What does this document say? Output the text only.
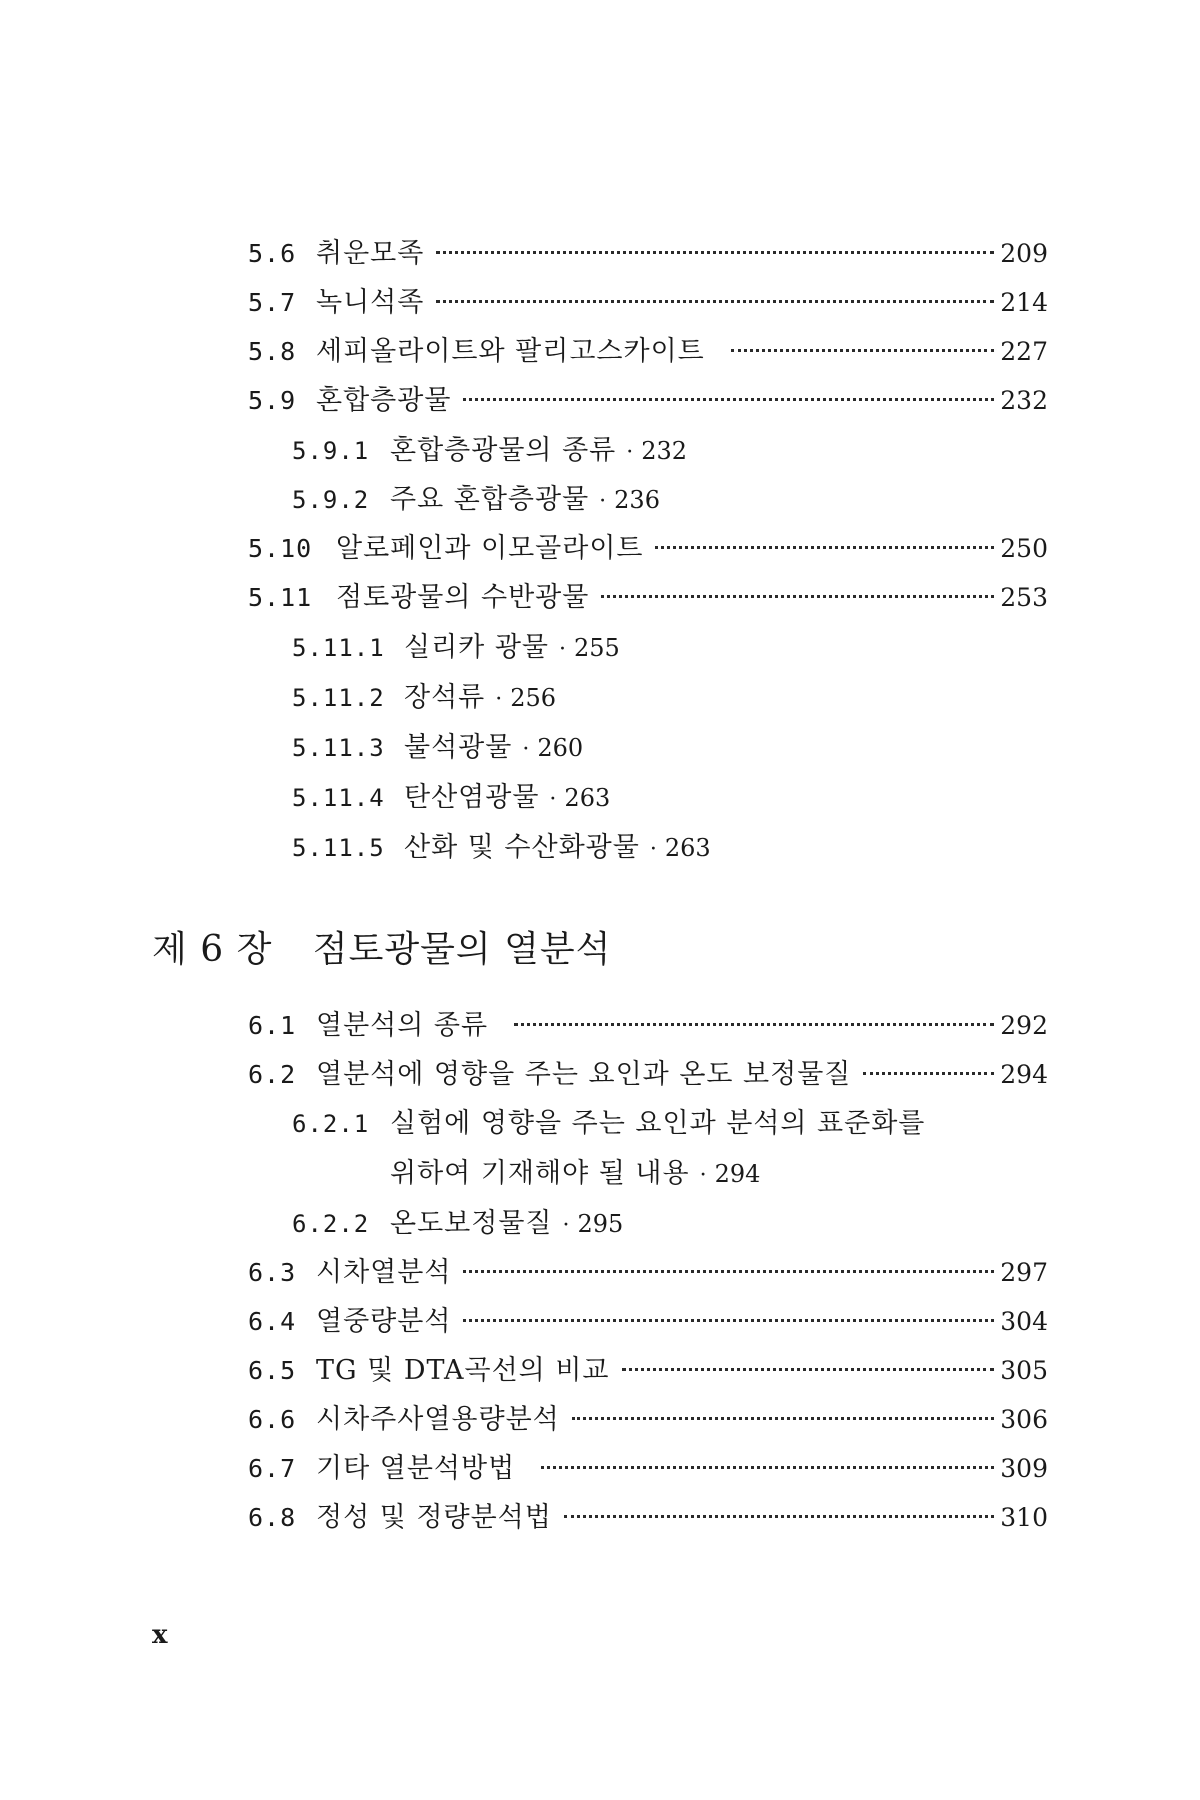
5.6 취운모족	209
5.7 녹니석족	214
5.8 세피올라이트와 팔리고스카이트	227
5.9 혼합층광물	232
5.9.1 혼합층광물의 종류 · 232
5.9.2 주요 혼합층광물 · 236
5.10 알로페인과 이모골라이트	250
5.11 점토광물의 수반광물	253
5.11.1 실리카 광물 · 255
5.11.2 장석류 · 256
5.11.3 불석광물 · 260
5.11.4 탄산염광물 · 263
5.11.5 산화 및 수산화광물 · 263
제 6 장 점토광물의 열분석
6.1 열분석의 종류	292
6.2 열분석에 영향을 주는 요인과 온도 보정물질	294
6.2.1 실험에 영향을 주는 요인과 분석의 표준화를
위하여 기재해야 될 내용 · 294
6.2.2 온도보정물질 · 295
6.3 시차열분석	297
6.4 열중량분석	304
6.5 TG 및 DTA곡선의 비교	305
6.6 시차주사열용량분석	306
6.7 기타 열분석방법	309
6.8 정성 및 정량분석법	310
x
